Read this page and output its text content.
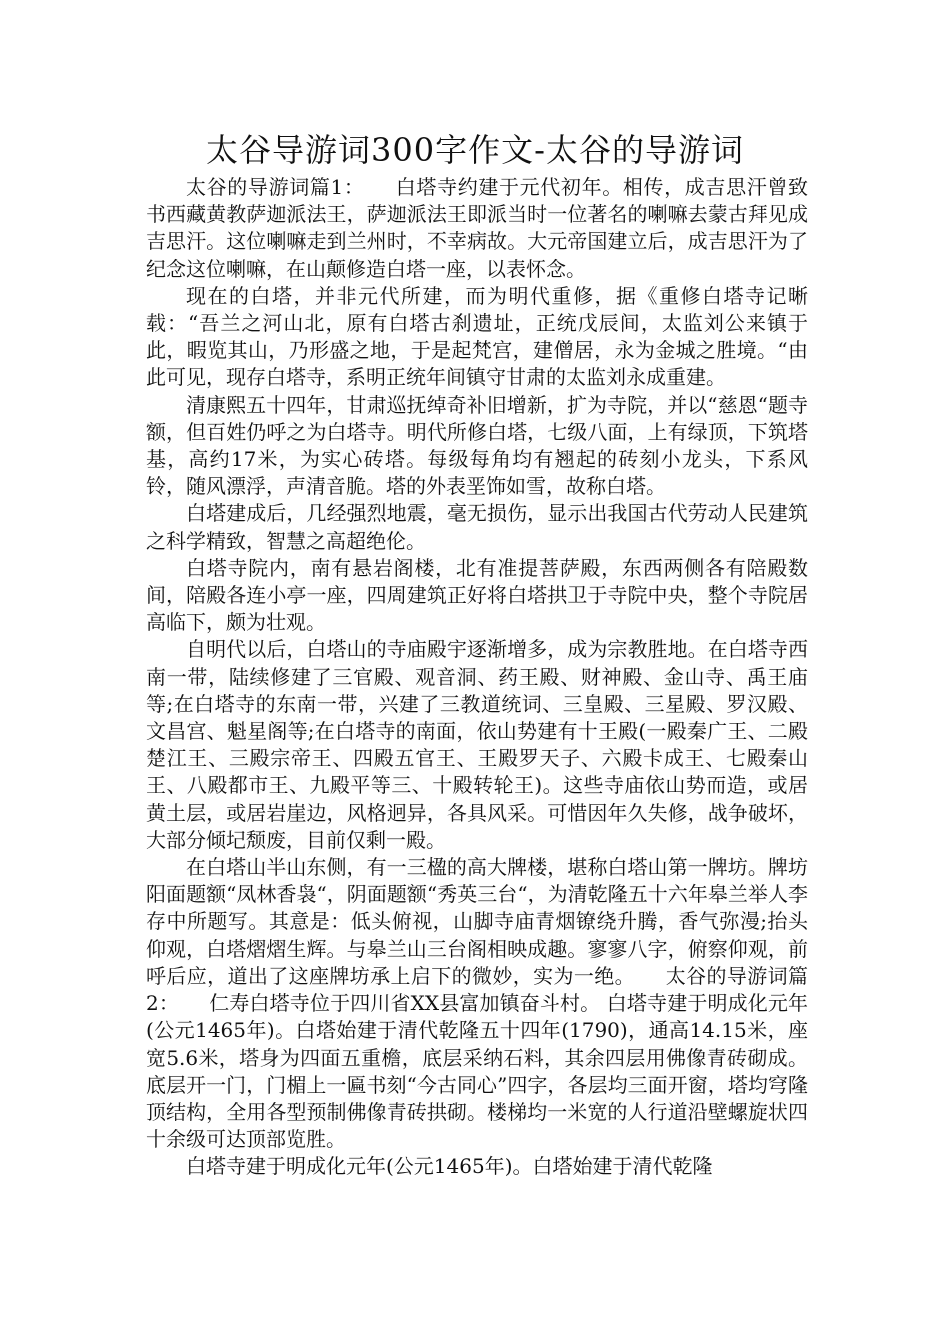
太谷导游词300字作文-太谷的导游词

太谷的导游词篇1：　　白塔寺约建于元代初年。相传，成吉思汗曾致书西藏黄教萨迦派法王，萨迦派法王即派当时一位著名的喇嘛去蒙古拜见成吉思汗。这位喇嘛走到兰州时，不幸病故。大元帝国建立后，成吉思汗为了纪念这位喇嘛，在山颠修造白塔一座，以表怀念。

现在的白塔，并非元代所建，而为明代重修，据《重修白塔寺记晰载：“吾兰之河山北，原有白塔古刹遗址，正统戊辰间，太监刘公来镇于此，暇览其山，乃形盛之地，于是起梵宫，建僧居，永为金城之胜境。“由此可见，现存白塔寺，系明正统年间镇守甘肃的太监刘永成重建。

清康熙五十四年，甘肃巡抚绰奇补旧增新，扩为寺院，并以“慈恩“题寺额，但百姓仍呼之为白塔寺。明代所修白塔，七级八面，上有绿顶，下筑塔基，高约17米，为实心砖塔。每级每角均有翘起的砖刻小龙头，下系风铃，随风漂浮，声清音脆。塔的外表垩饰如雪，故称白塔。

白塔建成后，几经强烈地震，毫无损伤，显示出我国古代劳动人民建筑之科学精致，智慧之高超绝伦。

白塔寺院内，南有悬岩阁楼，北有准提菩萨殿，东西两侧各有陪殿数间，陪殿各连小亭一座，四周建筑正好将白塔拱卫于寺院中央，整个寺院居高临下，颇为壮观。

自明代以后，白塔山的寺庙殿宇逐渐增多，成为宗教胜地。在白塔寺西南一带，陆续修建了三官殿、观音洞、药王殿、财神殿、金山寺、禹王庙等;在白塔寺的东南一带，兴建了三教道统词、三皇殿、三星殿、罗汉殿、文昌宫、魁星阁等;在白塔寺的南面，依山势建有十王殿(一殿秦广王、二殿楚江王、三殿宗帝王、四殿五官王、王殿罗天子、六殿卡成王、七殿秦山王、八殿都市王、九殿平等三、十殿转轮王)。这些寺庙依山势而造，或居黄土层，或居岩崖边，风格迥异，各具风采。可惜因年久失修，战争破坏，大部分倾圮颓废，目前仅剩一殿。

在白塔山半山东侧，有一三楹的高大牌楼，堪称白塔山第一牌坊。牌坊阳面题额“凤林香袅“，阴面题额“秀英三台“，为清乾隆五十六年皋兰举人李存中所题写。其意是：低头俯视，山脚寺庙青烟镣绕升腾，香气弥漫;抬头仰观，白塔熠熠生辉。与皋兰山三台阁相映成趣。寥寥八字，俯察仰观，前呼后应，道出了这座牌坊承上启下的微妙，实为一绝。　　太谷的导游词篇2：　　仁寿白塔寺位于四川省XX县富加镇奋斗村。 白塔寺建于明成化元年(公元1465年)。白塔始建于清代乾隆五十四年(1790)，通高14.15米，座宽5.6米，塔身为四面五重檐，底层采纳石料，其余四层用佛像青砖砌成。底层开一门，门楣上一匾书刻“今古同心”四字，各层均三面开窗，塔均穹隆顶结构，全用各型预制佛像青砖拱砌。楼梯均一米宽的人行道沿壁螺旋状四十余级可达顶部览胜。

白塔寺建于明成化元年(公元1465年)。白塔始建于清代乾隆
